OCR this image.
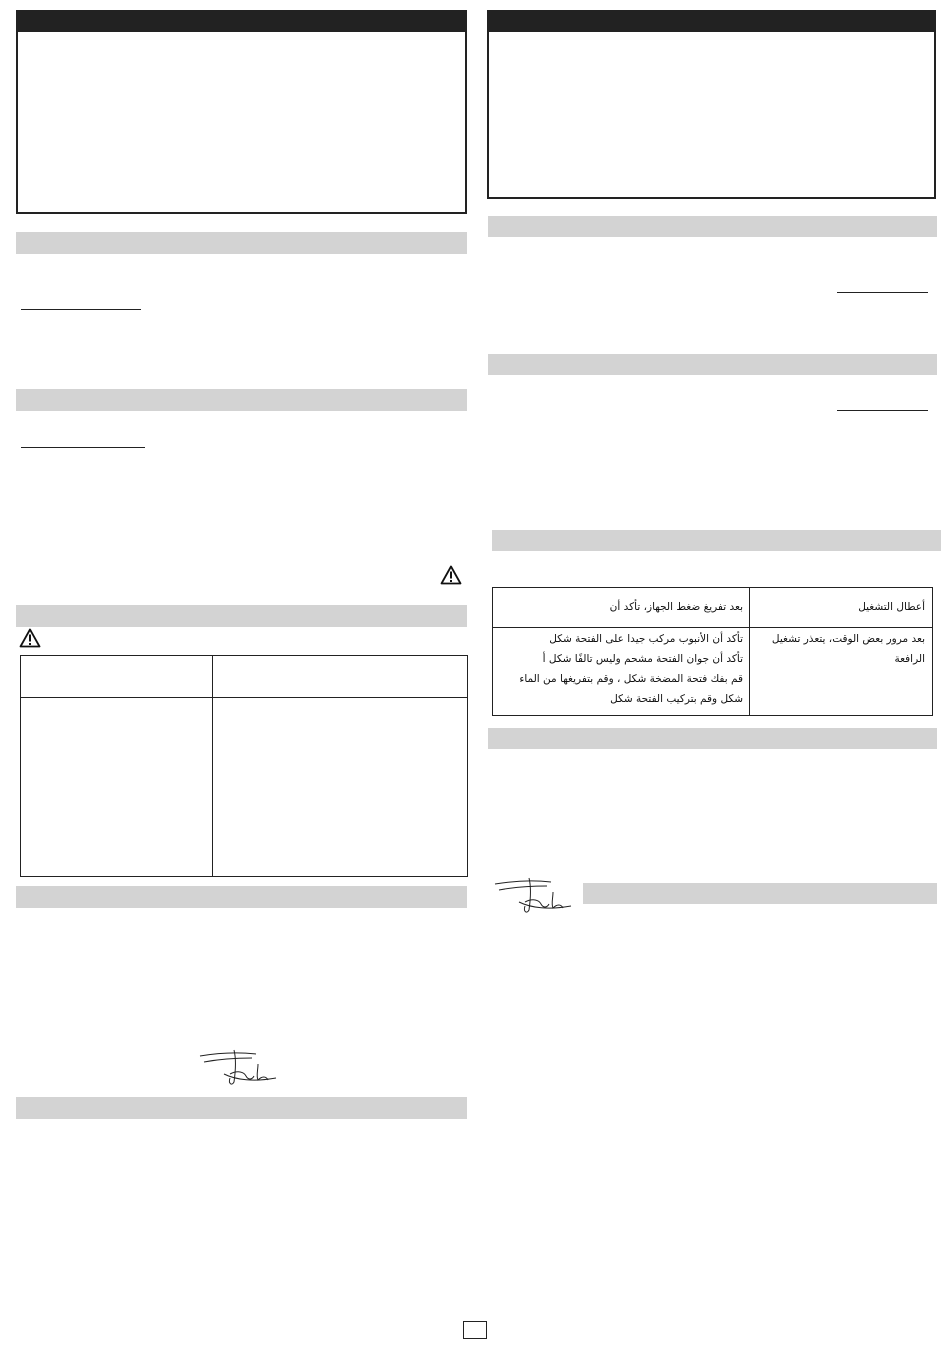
أعطال التشغيل
بعد تفريغ ضغط الجهاز، تأكد أن
بعد مرور بعض الوقت، يتعذر تشغيل
الرافعة
تأكد أن الأنبوب مركب جيدا على الفتحة شكل
تأكد أن جوان الفتحة مشحم وليس تالفًا شكل أ
قم بفك فتحة المضخة شكل ، وقم بتفريغها من الماء
شكل وقم بتركيب الفتحة شكل
